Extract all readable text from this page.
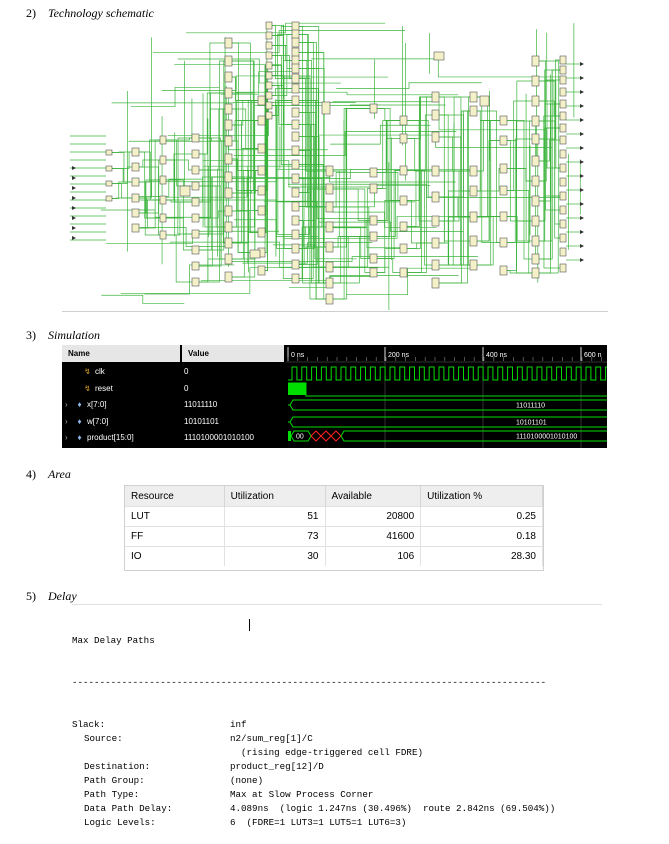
2) Technology schematic
3) Simulation
Name	Value
↯ clk	0
↯ reset	0
› ♦ x[7:0]	11011110
› ♦ w[7:0]	10101101
› ♦ product[15:0]	1110100001010100
0 ns	200 ns	400 ns	600 n
11011110
10101101
00	1110100001010100
4) Area
Resource	Utilization	Available	Utilization %
LUT	51	20800	0.25
FF	73	41600	0.18
IO	30	106	28.30
5) Delay

Max Delay Paths

--------------------------------------------------------------------------------------

Slack:	inf
Source:	n2/sum_reg[1]/C
(rising edge-triggered cell FDRE)
Destination:	product_reg[12]/D
Path Group:	(none)
Path Type:	Max at Slow Process Corner
Data Path Delay:	4.089ns  (logic 1.247ns (30.496%)  route 2.842ns (69.504%))
Logic Levels:	6  (FDRE=1 LUT3=1 LUT5=1 LUT6=3)
